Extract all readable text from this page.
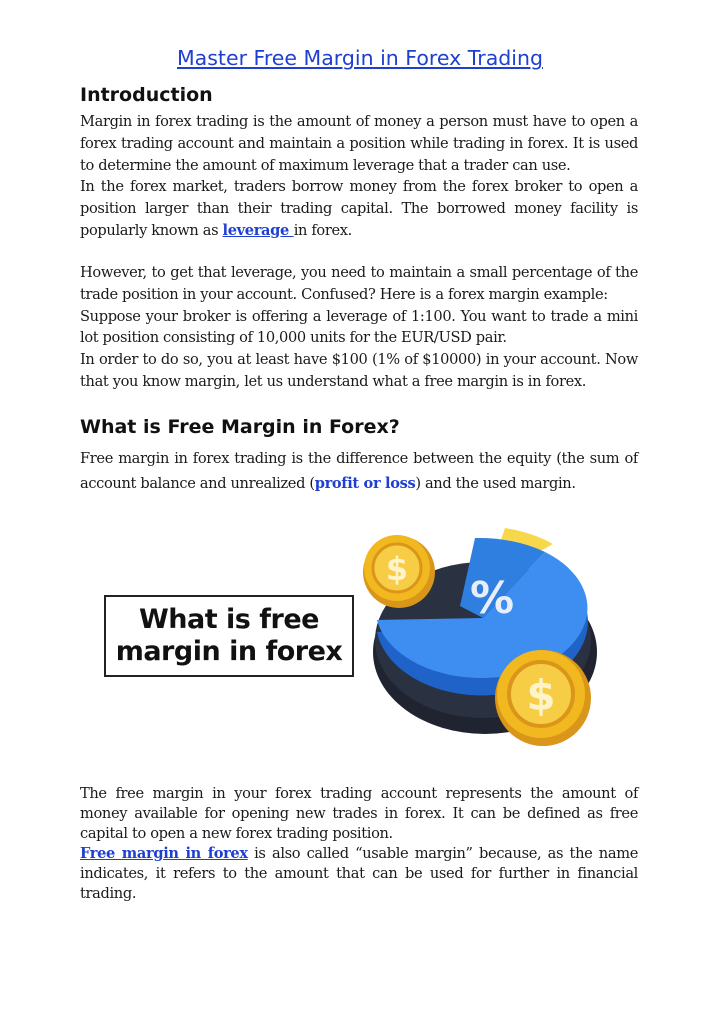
Master Free Margin in Forex Trading
Introduction

Margin in forex trading is the amount of money a person must have to open a
forex trading account and maintain a position while trading in forex. It is used
to determine the amount of maximum leverage that a trader can use.

In the forex market, traders borrow money from the forex broker to open a
position larger than their trading capital. The borrowed money facility is
popularly known as leverage in forex.

However, to get that leverage, you need to maintain a small percentage of the
trade position in your account. Confused? Here is a forex margin example:
Suppose your broker is offering a leverage of 1:100. You want to trade a mini
lot position consisting of 10,000 units for the EUR/USD pair.
In order to do so, you at least have $100 (1% of $10000) in your account. Now
that you know margin, let us understand what a free margin is in forex.

What is Free Margin in Forex?

Free margin in forex trading is the difference between the equity (the sum of
account balance and unrealized (profit or loss) and the used margin.

What is free
margin in forex
%
$
$

The free margin in your forex trading account represents the amount of
money available for opening new trades in forex. It can be defined as free
capital to open a new forex trading position.
Free margin in forex is also called “usable margin” because, as the name
indicates, it refers to the amount that can be used for further in financial
trading.
